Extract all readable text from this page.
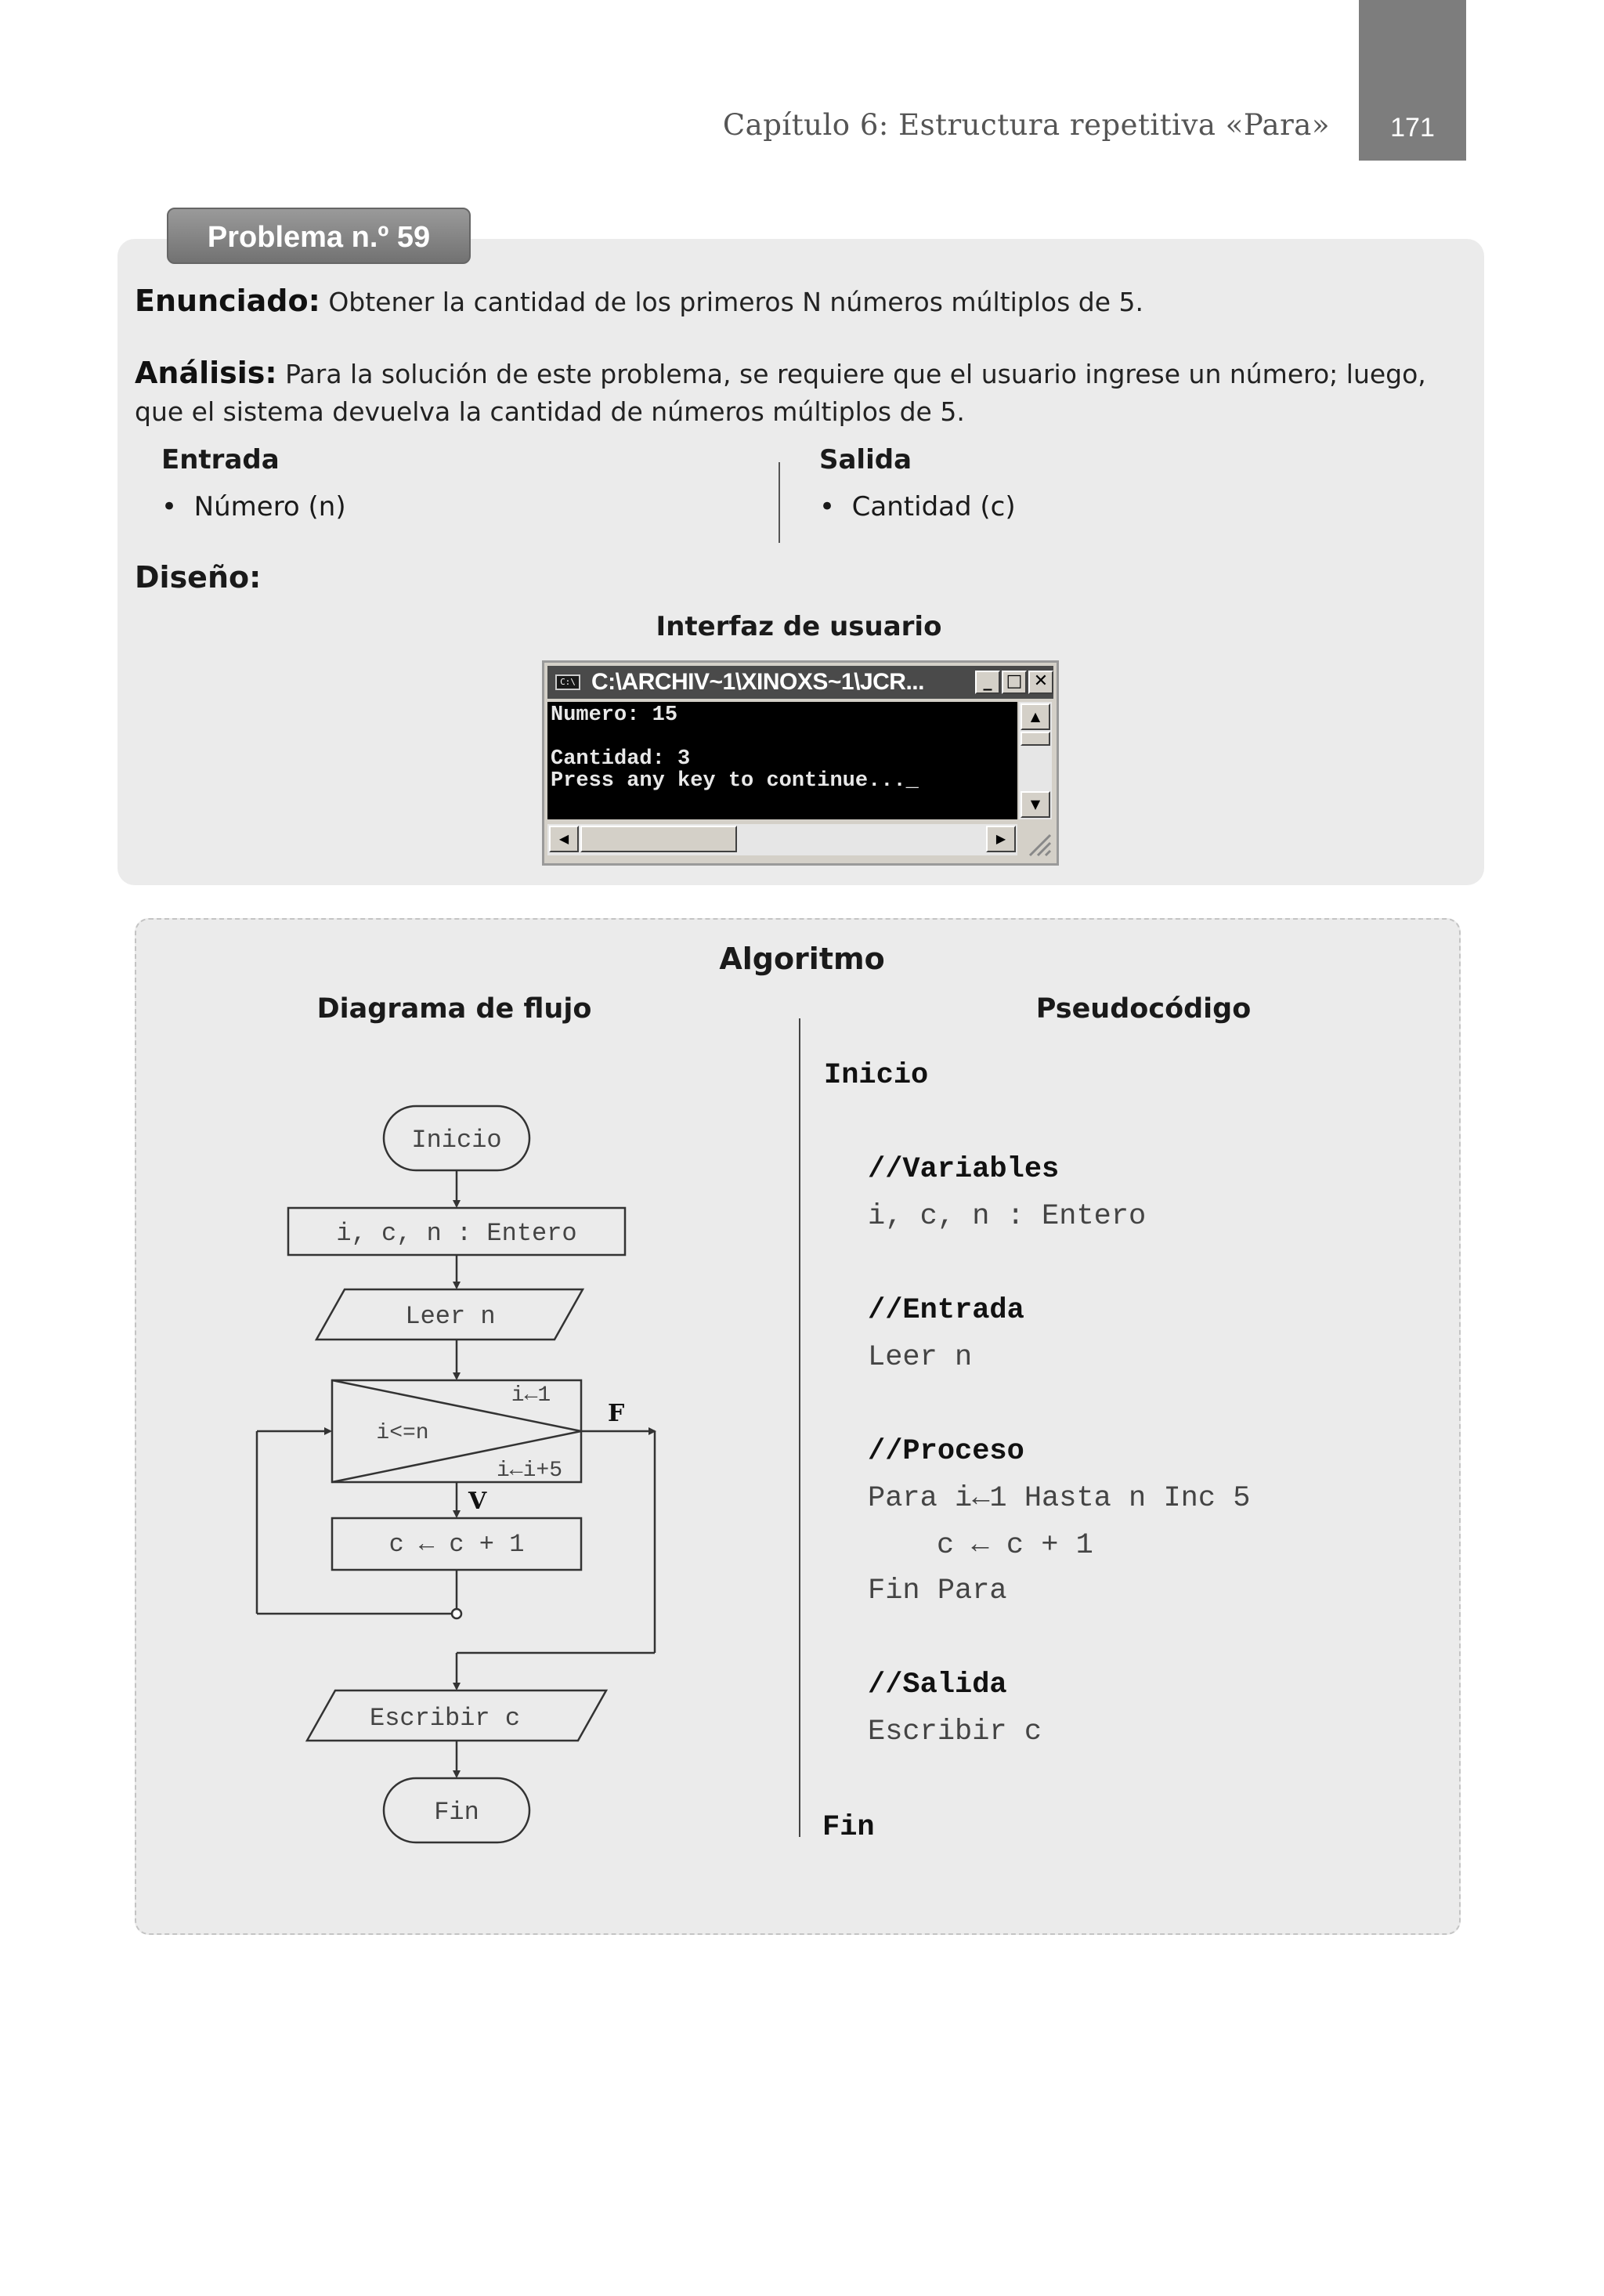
Capítulo 6: Estructura repetitiva «Para»	171
Problema n.º 59
Enunciado: Obtener la cantidad de los primeros N números múltiplos de 5.
Análisis: Para la solución de este problema, se requiere que el usuario ingrese un número; luego, que el sistema devuelva la cantidad de números múltiplos de 5.
Entrada
•  Número (n)
Salida
•  Cantidad (c)
Diseño:
Interfaz de usuario
C:\ C:\ARCHIV~1\XINOXS~1\JCR...	_ □ ✕
Numero: 15
Cantidad: 3
Press any key to continue..._
▲
▼
◀	▶
Algoritmo
Diagrama de flujo	Pseudocódigo
Inicio
i, c, n : Entero
Leer n
i←1
i<=n
i←i+5
c ← c + 1
Escribir c
Fin
F
V
Inicio
//Variables
i, c, n : Entero
//Entrada
Leer n
//Proceso
Para i←1 Hasta n Inc 5
c ← c + 1
Fin Para
//Salida
Escribir c
Fin
